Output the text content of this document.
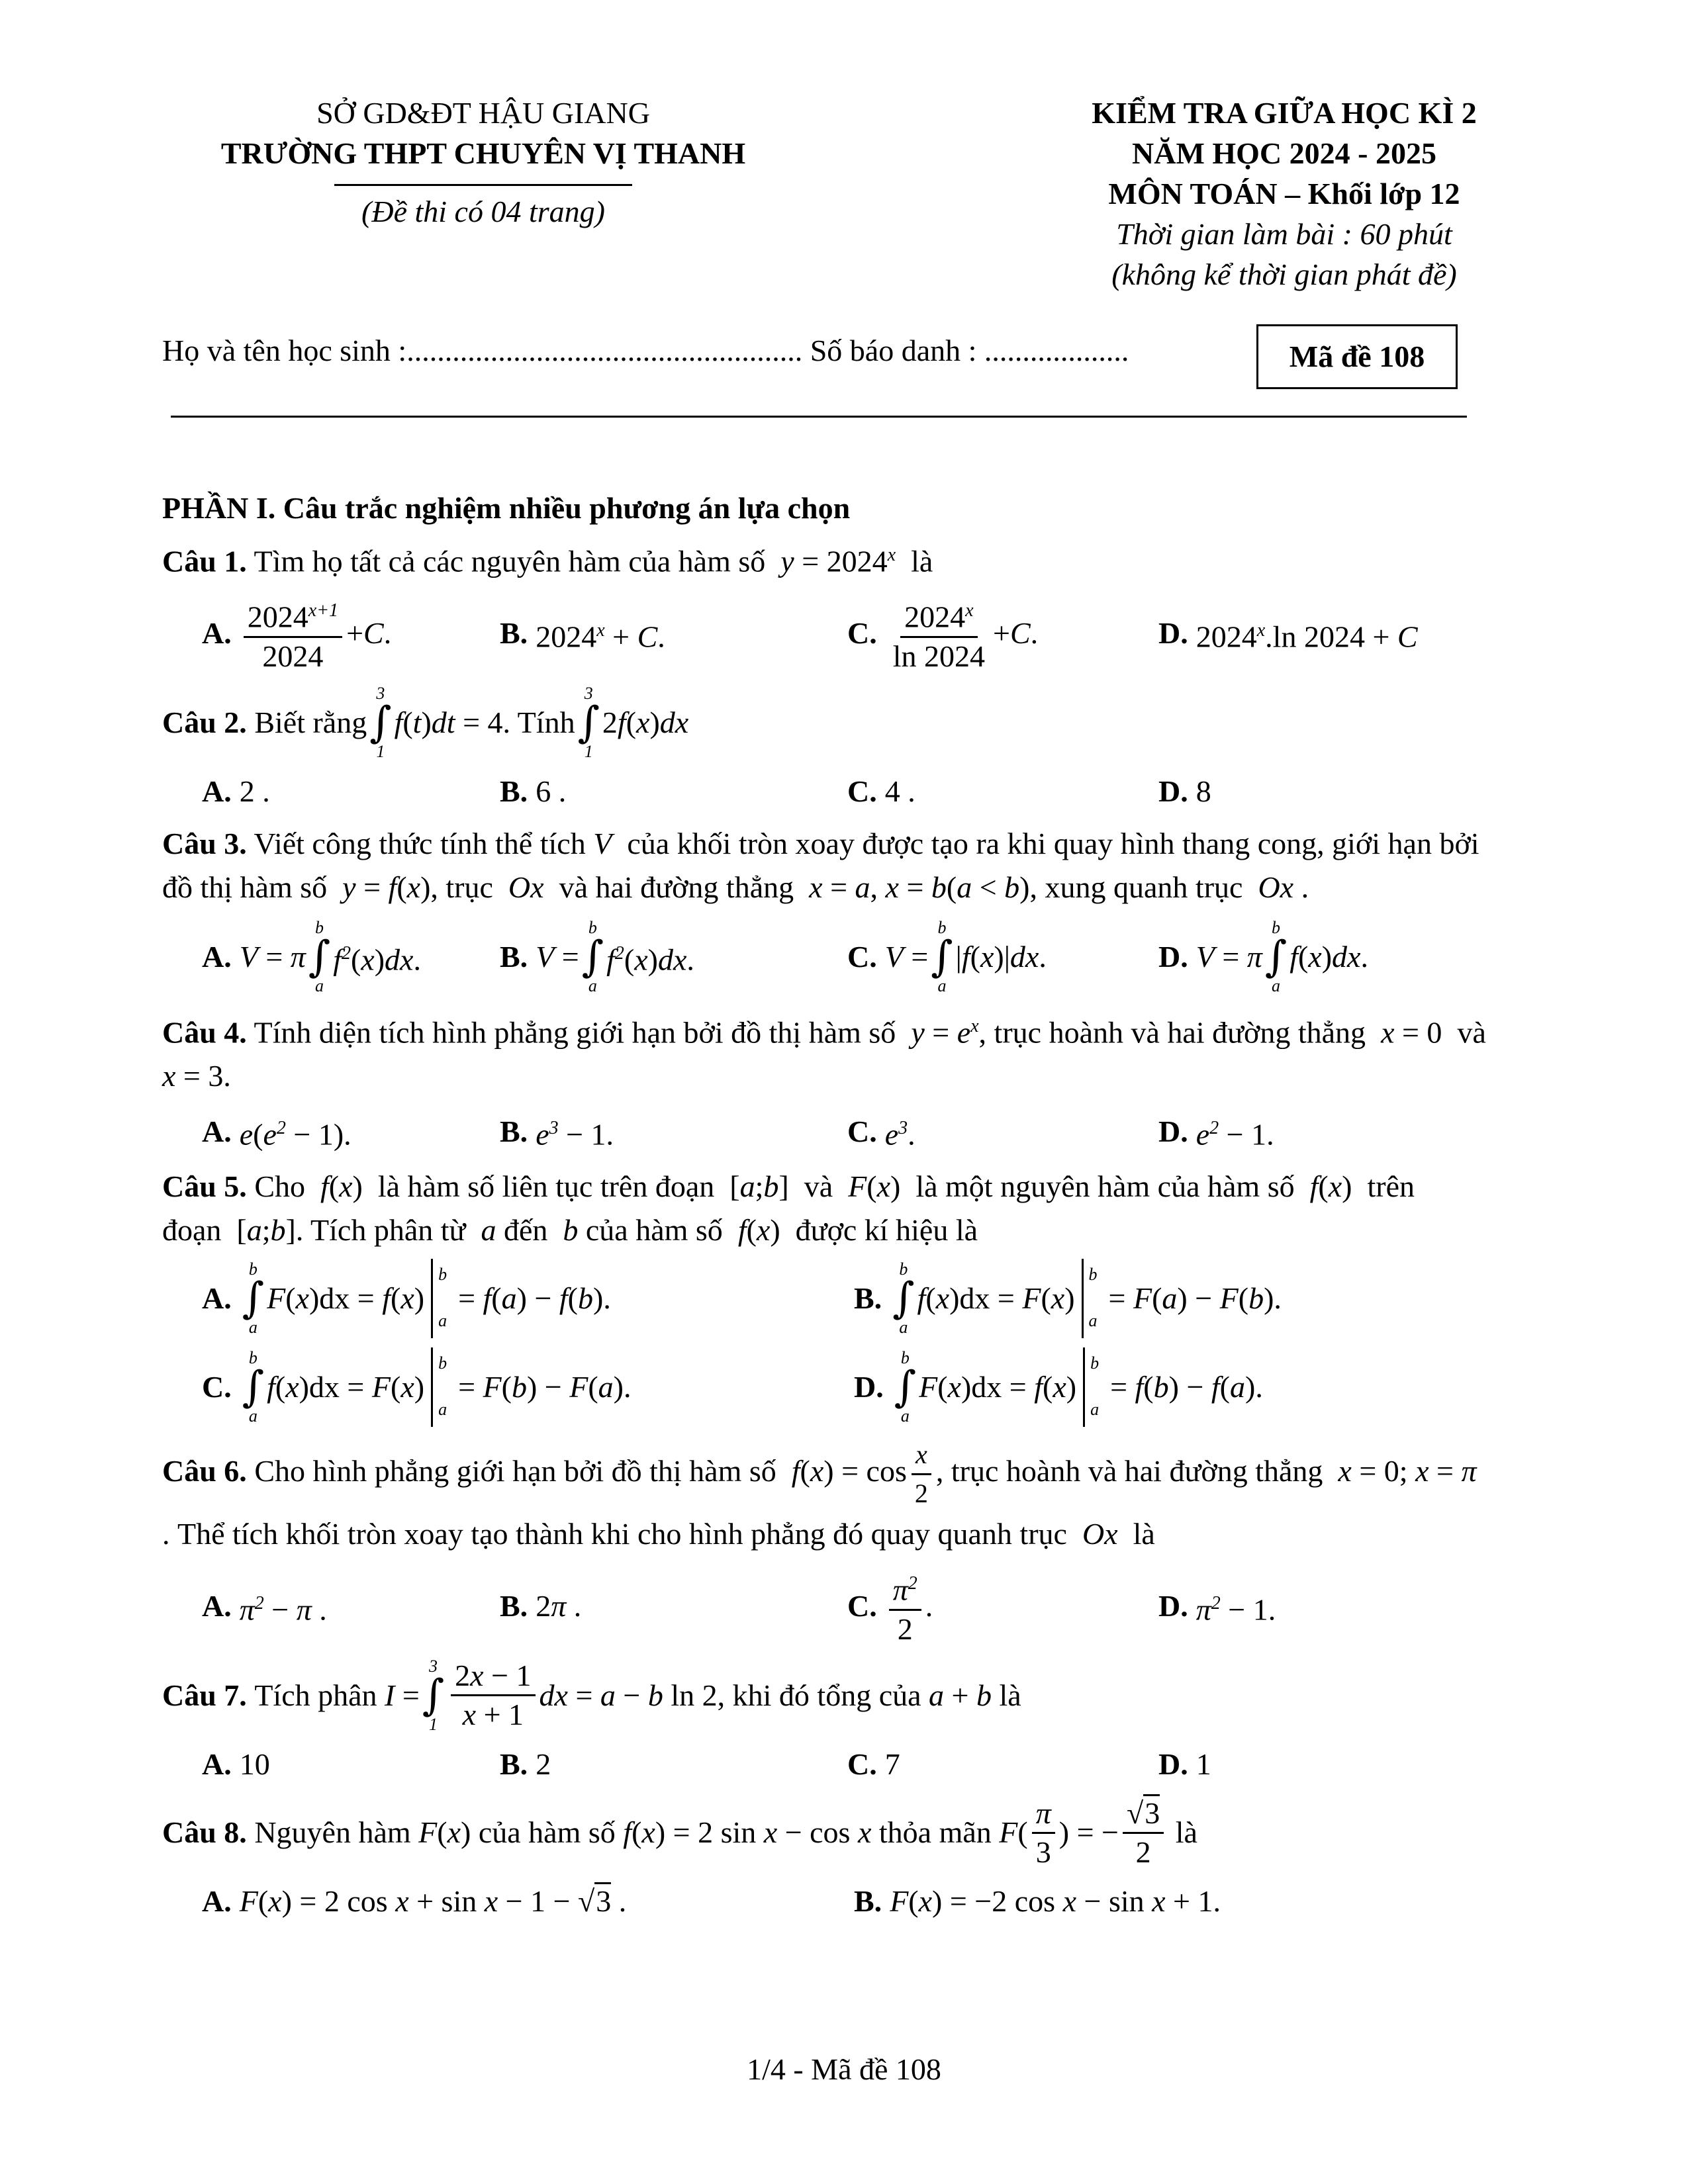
SỞ GD&ĐT HẬU GIANG
TRƯỜNG THPT CHUYÊN VỊ THANH
(Đề thi có 04 trang)
KIỂM TRA GIỮA HỌC KÌ 2
NĂM HỌC 2024 - 2025
MÔN TOÁN – Khối lớp 12
Thời gian làm bài : 60 phút
(không kể thời gian phát đề)
Họ và tên học sinh :.................................................... Số báo danh : ...................	Mã đề 108
PHẦN I. Câu trắc nghiệm nhiều phương án lựa chọn
Câu 1. Tìm họ tất cả các nguyên hàm của hàm số  $y = 2024^x$ là
A. $\frac{2024^{x+1}}{2024} +C$.	B. $2024^x + C$.	C. $\frac{2024^x}{\ln 2024} +C$.	D. 2024$^x$.ln 2024 + C
Câu 2.
Biết rằng
3
∫
1
f(t)dt = 4 . Tính
3
∫
1
2f(x)dx
A. 2 .	B. 6 .	C. 4 .	D. 8
Câu 3. Viết công thức tính thể tích V của khối tròn xoay được tạo ra khi quay hình thang cong, giới hạn bởi
đồ thị hàm số y = f(x), trục  Ox  và hai đường thẳng x = a, x = b(a < b), xung quanh trục  Ox .
A. V = π
b
∫
a
$f^2(x)dx$.	B. V =
b
∫
a
$f^2(x)dx$.	C. V =
b
∫
a
|f(x)|dx.	D. V = π
b
∫
a
f(x)dx.
Câu 4. Tính diện tích hình phẳng giới hạn bởi đồ thị hàm số $y = e^x$, trục hoành và hai đường thẳng x = 0  và
x = 3.
A. $e(e^2 - 1)$.	B. $e^3 - 1$.	C. $e^3$.	D. $e^2 - 1$.
Câu 5. Cho f(x)  là hàm số liên tục trên đoạn  [a;b]  và F(x)  là một nguyên hàm của hàm số f(x)  trên
đoạn  [a;b]. Tích phân từ a đến b của hàm số f(x)  được kí hiệu là
A.
b
∫
a
F(x)dx = f(x)
b
a
= f(a) − f(b).	B.
b
∫
a
f(x)dx = F(x)
b
a
= F(a) − F(b).
C.
b
∫
a
f(x)dx = F(x)
b
a
= F(b) − F(a).	D.
b
∫
a
F(x)dx = f(x)
b
a
= f(b) − f(a).
Câu 6. Cho hình phẳng giới hạn bởi đồ thị hàm số $f(x) = \cos \frac{x}{2}$ , trục hoành và hai đường thẳng x = 0; x = π
. Thể tích khối tròn xoay tạo thành khi cho hình phẳng đó quay quanh trục Ox là
A. $\pi^2 - \pi$ .	B. 2π .	C. $\frac{\pi^2}{2}$ .	D. $\pi^2 - 1$.
Câu 7.
Tích phân
I =
3
∫
$1 \frac{2x - 1}{x + 1}$ dx = a − b ln 2 , khi đó tổng của
a + b
là
A. 10	B. 2	C. 7	D. 1
Câu 8.
Nguyên hàm
F(x)
của hàm số
f(x) = 2 sin x − cos x
thỏa mãn
F ( $\frac{\pi}{3}$ ) = − $\frac{√3}{2}$
là
A. F(x) = 2 cos x + sin x − 1 − √3 .	B. F(x) = −2 cos x − sin x + 1.
1/4 - Mã đề 108
